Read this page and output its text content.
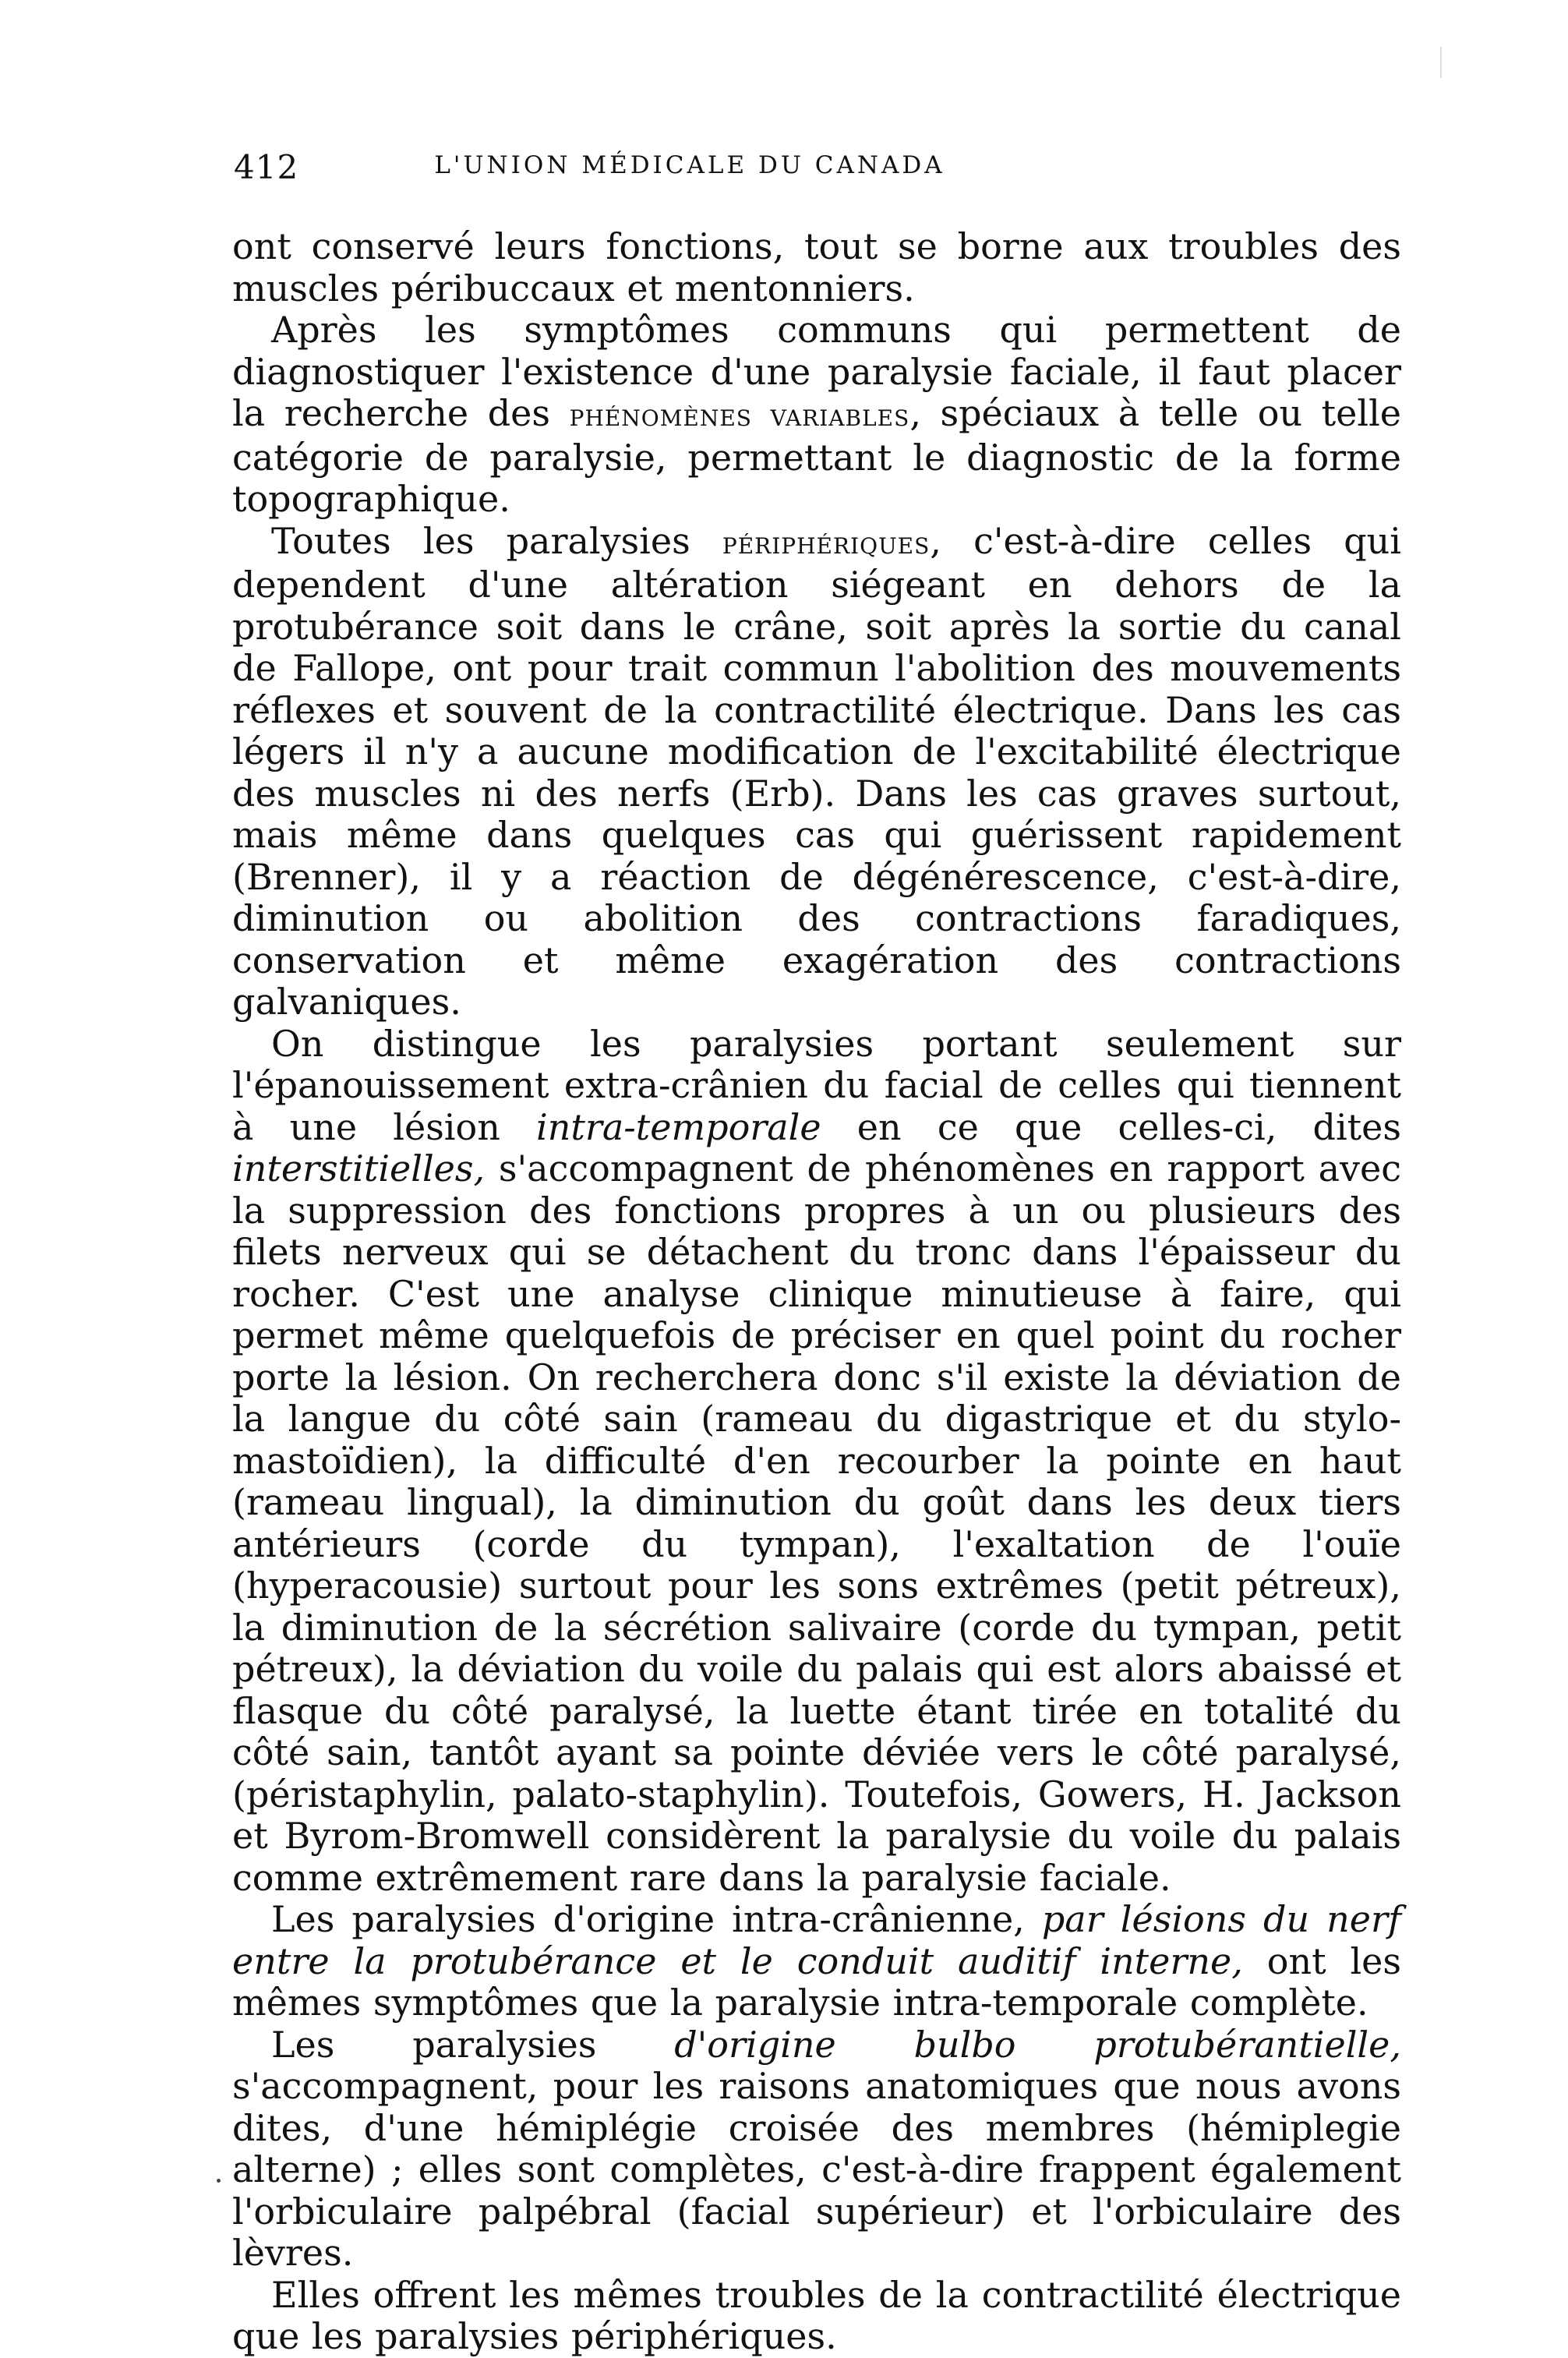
412	L'UNION MÉDICALE DU CANADA

ont conservé leurs fonctions, tout se borne aux troubles des muscles péribuccaux et mentonniers.

Après les symptômes communs qui permettent de diagnostiquer l'existence d'une paralysie faciale, il faut placer la recherche des phénomènes variables, spéciaux à telle ou telle catégorie de paralysie, permettant le diagnostic de la forme topographique.

Toutes les paralysies périphériques, c'est-à-dire celles qui dependent d'une altération siégeant en dehors de la protubérance soit dans le crâne, soit après la sortie du canal de Fallope, ont pour trait commun l'abolition des mouvements réflexes et souvent de la contractilité électrique. Dans les cas légers il n'y a aucune modification de l'excitabilité électrique des muscles ni des nerfs (Erb). Dans les cas graves surtout, mais même dans quelques cas qui guérissent rapidement (Brenner), il y a réaction de dégénérescence, c'est-à-dire, diminution ou abolition des contractions faradiques, conservation et même exagération des contractions galvaniques.

On distingue les paralysies portant seulement sur l'épanouissement extra-crânien du facial de celles qui tiennent à une lésion intra-temporale en ce que celles-ci, dites interstitielles, s'accompagnent de phénomènes en rapport avec la suppression des fonctions propres à un ou plusieurs des filets nerveux qui se détachent du tronc dans l'épaisseur du rocher. C'est une analyse clinique minutieuse à faire, qui permet même quelquefois de préciser en quel point du rocher porte la lésion. On recherchera donc s'il existe la déviation de la langue du côté sain (rameau du digastrique et du stylo-mastoïdien), la difficulté d'en recourber la pointe en haut (rameau lingual), la diminution du goût dans les deux tiers antérieurs (corde du tympan), l'exaltation de l'ouïe (hyperacousie) surtout pour les sons extrêmes (petit pétreux), la diminution de la sécrétion salivaire (corde du tympan, petit pétreux), la déviation du voile du palais qui est alors abaissé et flasque du côté paralysé, la luette étant tirée en totalité du côté sain, tantôt ayant sa pointe déviée vers le côté paralysé, (péristaphylin, palato-staphylin). Toutefois, Gowers, H. Jackson et Byrom-Bromwell considèrent la paralysie du voile du palais comme extrêmement rare dans la paralysie faciale.

Les paralysies d'origine intra-crânienne, par lésions du nerf entre la protubérance et le conduit auditif interne, ont les mêmes symptômes que la paralysie intra-temporale complète.

Les paralysies d'origine bulbo protubérantielle, s'accompagnent, pour les raisons anatomiques que nous avons dites, d'une hémiplégie croisée des membres (hémiplegie alterne) ; elles sont complètes, c'est-à-dire frappent également l'orbiculaire palpébral (facial supérieur) et l'orbiculaire des lèvres.

Elles offrent les mêmes troubles de la contractilité électrique que les paralysies périphériques.
